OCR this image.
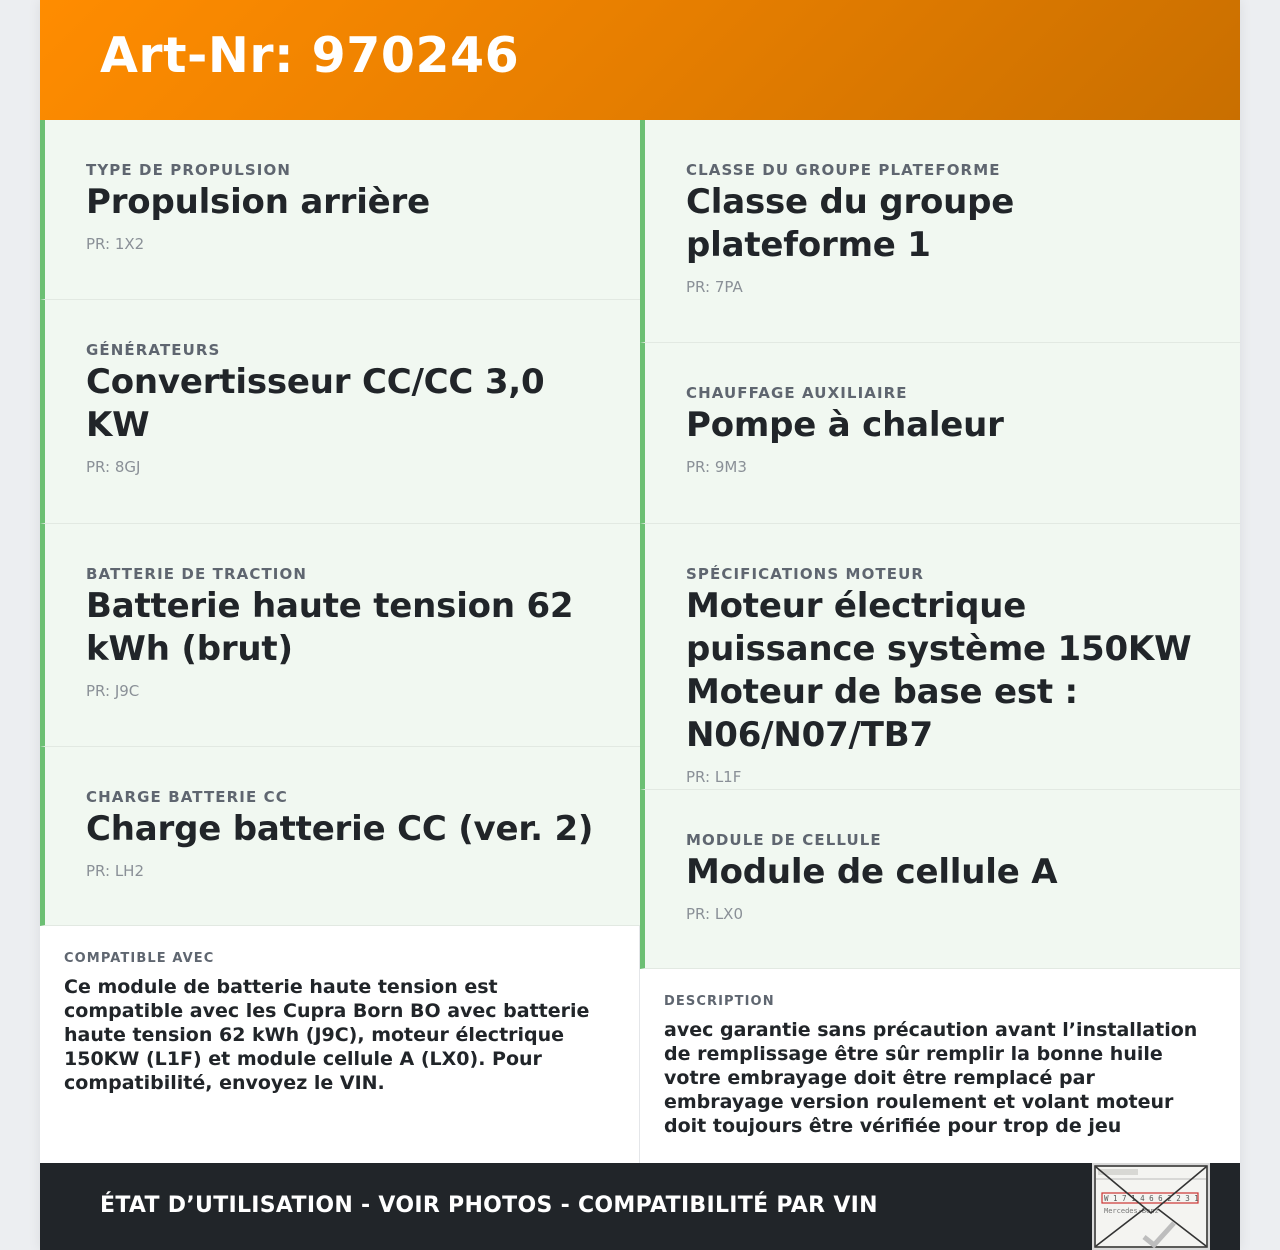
Art-Nr: 970246
TYPE DE PROPULSION
Propulsion arrière
PR: 1X2
GÉNÉRATEURS
Convertisseur CC/CC 3,0 KW
PR: 8GJ
BATTERIE DE TRACTION
Batterie haute tension 62 kWh (brut)
PR: J9C
CHARGE BATTERIE CC
Charge batterie CC (ver. 2)
PR: LH2
CLASSE DU GROUPE PLATEFORME
Classe du groupe plateforme 1
PR: 7PA
CHAUFFAGE AUXILIAIRE
Pompe à chaleur
PR: 9M3
SPÉCIFICATIONS MOTEUR
Moteur électrique puissance système 150KW Moteur de base est : N06/N07/TB7
PR: L1F
MODULE DE CELLULE
Module de cellule A
PR: LX0
COMPATIBLE AVEC
Ce module de batterie haute tension est compatible avec les Cupra Born BO avec batterie haute tension 62 kWh (J9C), moteur électrique 150KW (L1F) et module cellule A (LX0). Pour compatibilité, envoyez le VIN.
DESCRIPTION
avec garantie sans précaution avant l’installation de remplissage être sûr remplir la bonne huile votre embrayage doit être remplacé par embrayage version roulement et volant moteur doit toujours être vérifiée pour trop de jeu
ÉTAT D’UTILISATION - VOIR PHOTOS - COMPATIBILITÉ PAR VIN	W 1 7 1 4 6 6 2 2 3 1
Mercedes-Benz
